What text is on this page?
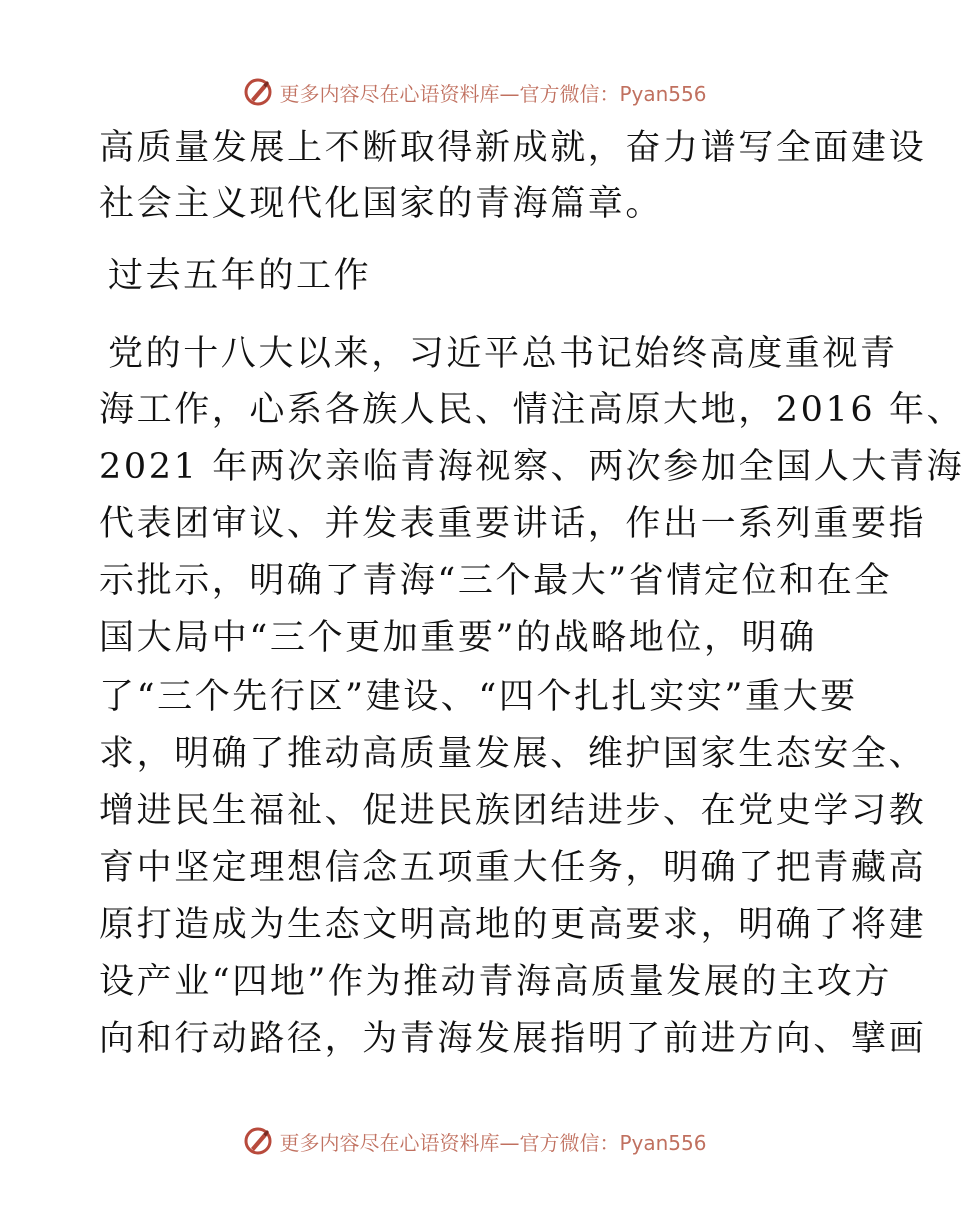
更多内容尽在心语资料库—官方微信：Pyan556
高质量发展上不断取得新成就，奋力谱写全面建设
社会主义现代化国家的青海篇章。
过去五年的工作
党的十八大以来，习近平总书记始终高度重视青
海工作，心系各族人民、情注高原大地，2016 年、
2021 年两次亲临青海视察、两次参加全国人大青海
代表团审议、并发表重要讲话，作出一系列重要指
示批示，明确了青海“三个最大”省情定位和在全
国大局中“三个更加重要”的战略地位，明确
了“三个先行区”建设、“四个扎扎实实”重大要
求，明确了推动高质量发展、维护国家生态安全、
增进民生福祉、促进民族团结进步、在党史学习教
育中坚定理想信念五项重大任务，明确了把青藏高
原打造成为生态文明高地的更高要求，明确了将建
设产业“四地”作为推动青海高质量发展的主攻方
向和行动路径，为青海发展指明了前进方向、擘画
更多内容尽在心语资料库—官方微信：Pyan556
